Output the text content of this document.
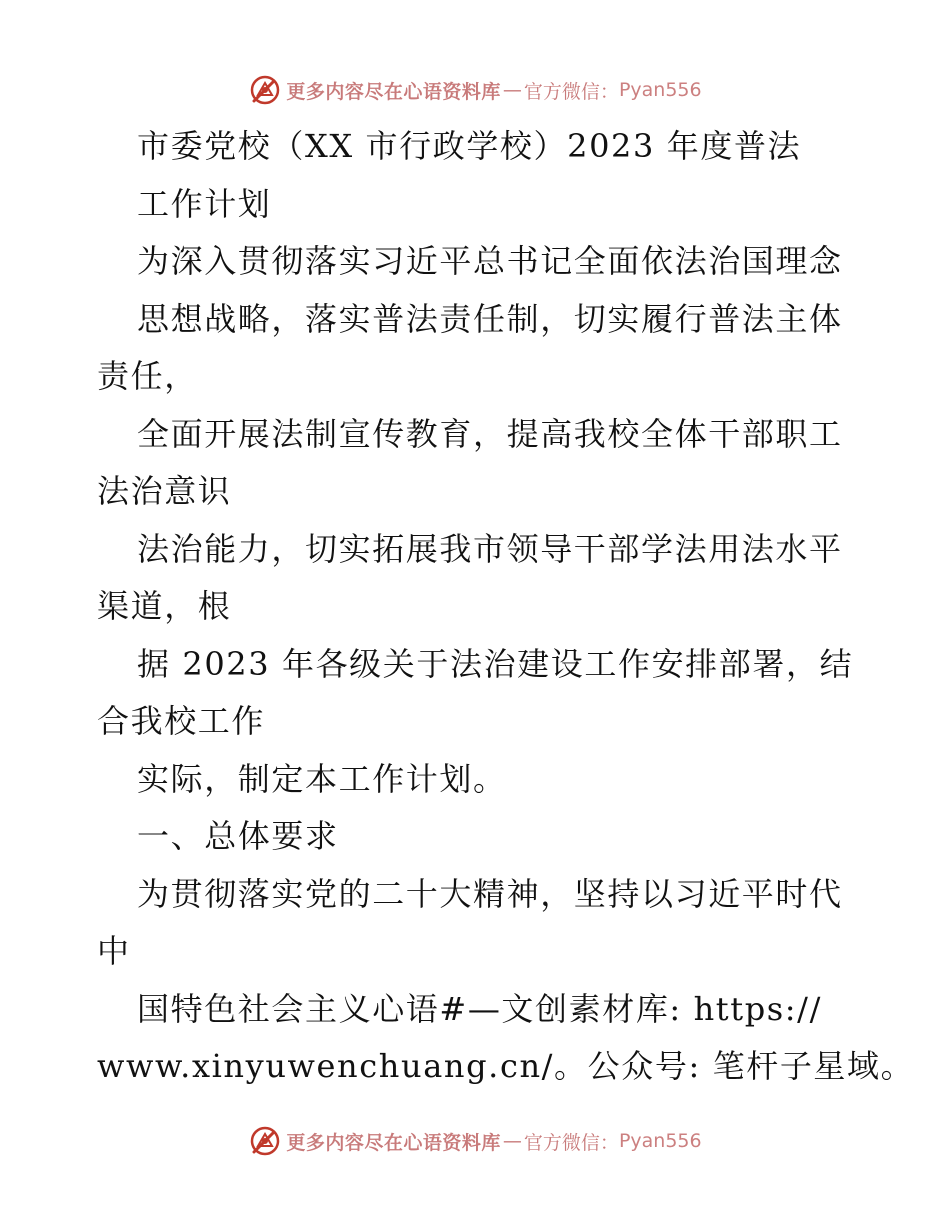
更多内容尽在心语资料库 — 官方微信： Pyan556
市委党校（XX 市行政学校）2023 年度普法
工作计划
为深入贯彻落实习近平总书记全面依法治国理念
思想战略，落实普法责任制，切实履行普法主体
责任，
全面开展法制宣传教育，提高我校全体干部职工
法治意识
法治能力，切实拓展我市领导干部学法用法水平
渠道，根
据 2023 年各级关于法治建设工作安排部署，结
合我校工作
实际，制定本工作计划。
一、总体要求
为贯彻落实党的二十大精神，坚持以习近平时代
中
国特色社会主义心语#—文创素材库: https://
www.xinyuwenchuang.cn/。公众号: 笔杆子星域。
更多内容尽在心语资料库 — 官方微信： Pyan556
